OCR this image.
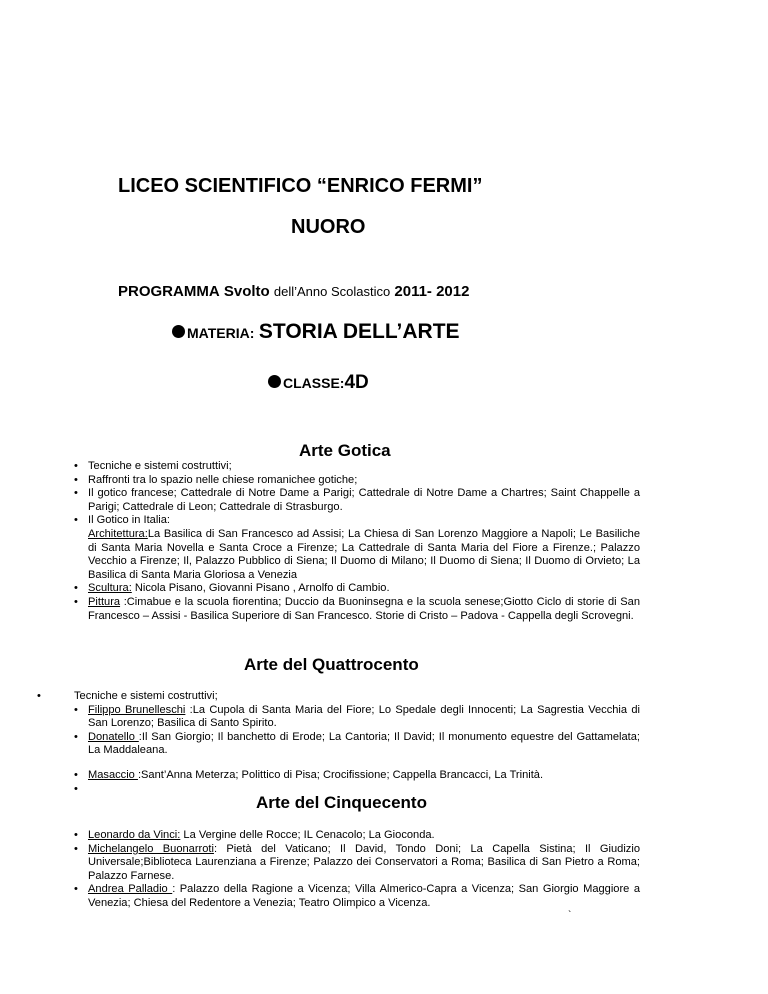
LICEO SCIENTIFICO “ENRICO FERMI”
NUORO
PROGRAMMA Svolto dell’Anno Scolastico 2011- 2012
MATERIA: STORIA DELL’ARTE
CLASSE:4D
Arte Gotica
• Tecniche e sistemi costruttivi;
• Raffronti tra lo spazio nelle chiese romanichee gotiche;
• Il gotico francese; Cattedrale di Notre Dame a Parigi; Cattedrale di Notre Dame a Chartres; Saint Chappelle a Parigi; Cattedrale di Leon; Cattedrale di Strasburgo.
• Il Gotico in Italia:
Architettura:La Basilica di San Francesco ad Assisi; La Chiesa di San Lorenzo Maggiore a Napoli; Le Basiliche di Santa Maria Novella e Santa Croce a Firenze; La Cattedrale di Santa Maria del Fiore a Firenze.; Palazzo Vecchio a Firenze; Il, Palazzo Pubblico di Siena; Il Duomo di Milano; Il Duomo di Siena; Il Duomo di Orvieto; La Basilica di Santa Maria Gloriosa a Venezia
• Scultura: Nicola Pisano, Giovanni Pisano , Arnolfo di Cambio.
• Pittura :Cimabue e la scuola fiorentina; Duccio da Buoninsegna e la scuola senese;Giotto Ciclo di storie di San Francesco – Assisi - Basilica Superiore di San Francesco. Storie di Cristo – Padova - Cappella degli Scrovegni.
Arte del Quattrocento
•	Tecniche e sistemi costruttivi;
• Filippo Brunelleschi :La Cupola di Santa Maria del Fiore; Lo Spedale degli Innocenti; La Sagrestia Vecchia di San Lorenzo; Basilica di Santo Spirito.
• Donatello :Il San Giorgio; Il banchetto di Erode; La Cantoria; Il David; Il monumento equestre del Gattamelata; La Maddaleana.
• Masaccio :Sant’Anna Meterza; Polittico di Pisa; Crocifissione; Cappella Brancacci, La Trinità.
•
Arte del Cinquecento
• Leonardo da Vinci: La Vergine delle Rocce; IL Cenacolo; La Gioconda.
• Michelangelo Buonarroti: Pietà del Vaticano; Il David, Tondo Doni; La Capella Sistina; Il Giudizio Universale;Biblioteca Laurenziana a Firenze; Palazzo dei Conservatori a Roma; Basilica di San Pietro a Roma; Palazzo Farnese.
• Andrea Palladio : Palazzo della Ragione a Vicenza; Villa Almerico-Capra a Vicenza; San Giorgio Maggiore a Venezia; Chiesa del Redentore a Venezia; Teatro Olimpico a Vicenza.
`
